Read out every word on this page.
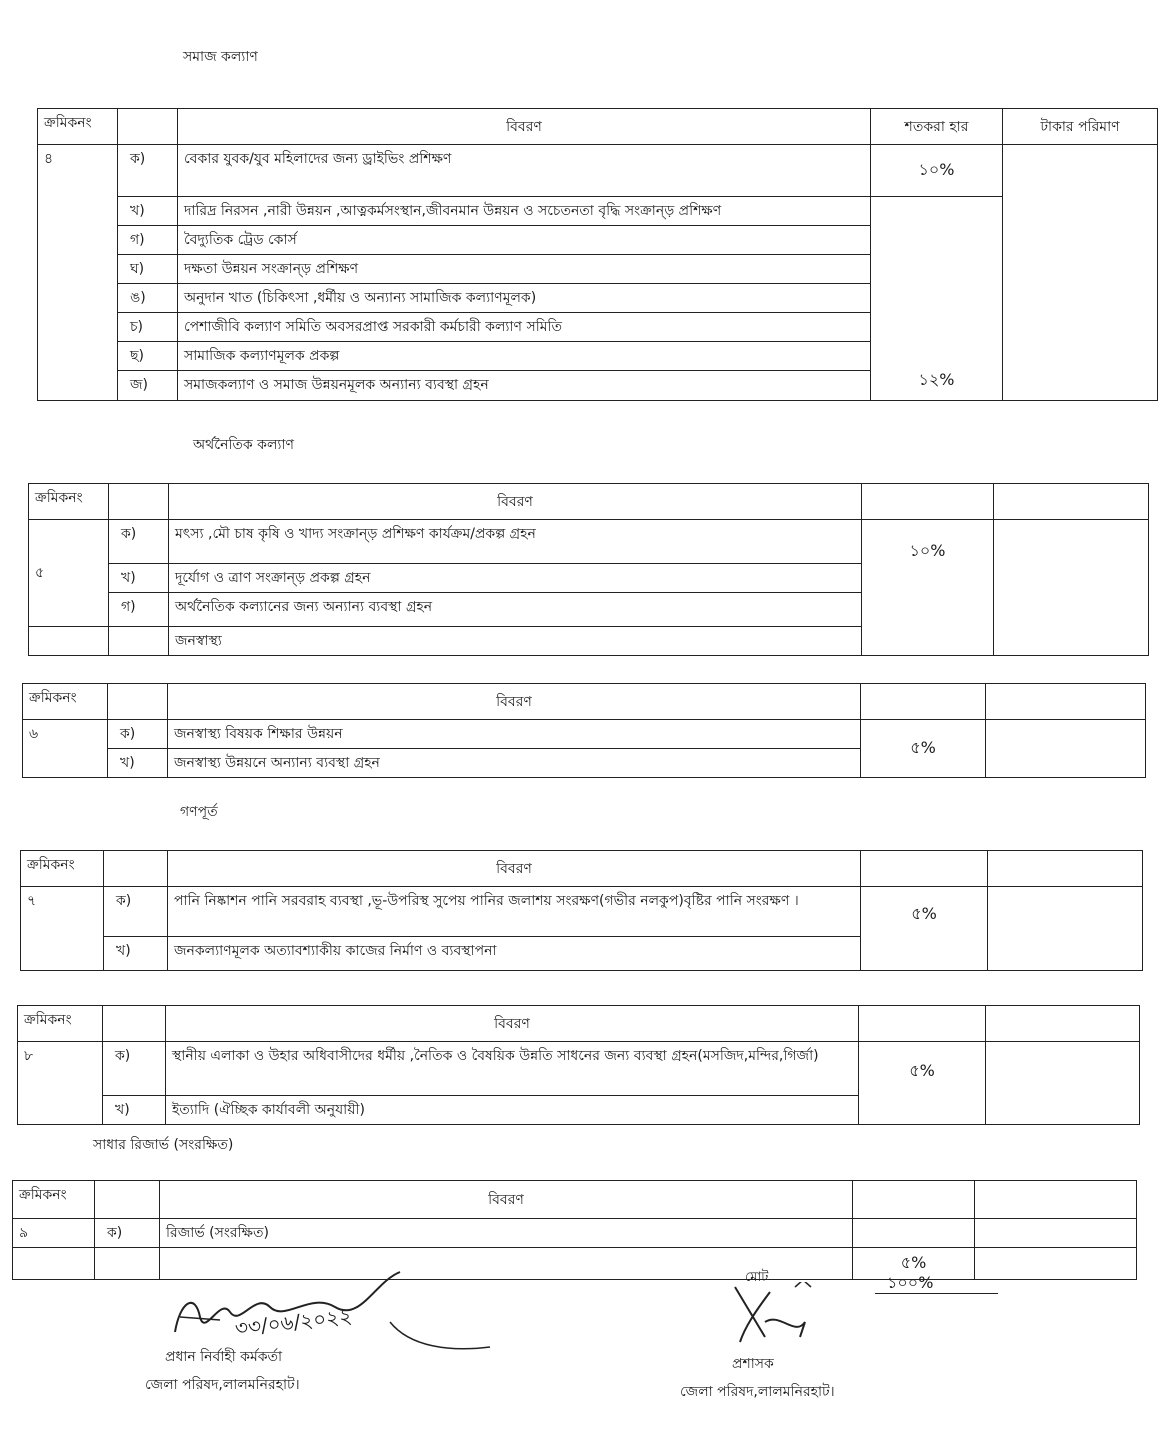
সমাজ কল্যাণ
ক্রমিকনং		বিবরণ	শতকরা হার	টাকার পরিমাণ
৪	ক)	বেকার যুবক/যুব মহিলাদের জন্য ড্রাইভিং প্রশিক্ষণ	১০%	
	খ)	দারিদ্র নিরসন ,নারী উন্নয়ন ,আত্নকর্মসংস্থান,জীবনমান উন্নয়ন ও সচেতনতা বৃদ্ধি সংক্রান্ড় প্রশিক্ষণ	১২%	
	গ)	বৈদ্যুতিক ট্রেড কোর্স		
	ঘ)	দক্ষতা উন্নয়ন সংক্রান্ড় প্রশিক্ষণ		
	ঙ)	অনুদান খাত (চিকিৎসা ,ধর্মীয় ও অন্যান্য সামাজিক কল্যাণমূলক)		
	চ)	পেশাজীবি কল্যাণ সমিতি অবসরপ্রাপ্ত সরকারী কর্মচারী কল্যাণ সমিতি		
	ছ)	সামাজিক কল্যাণমূলক প্রকল্প		
	জ)	সমাজকল্যাণ ও সমাজ উন্নয়নমূলক অন্যান্য ব্যবস্থা গ্রহন		
অর্থনৈতিক কল্যাণ
ক্রমিকনং		বিবরণ		
৫	ক)	মৎস্য ,মৌ চাষ কৃষি ও খাদ্য সংক্রান্ড় প্রশিক্ষণ কার্যক্রম/প্রকল্প গ্রহন	১০%	
	খ)	দূর্যোগ ও ত্রাণ সংক্রান্ড় প্রকল্প গ্রহন		
	গ)	অর্থনৈতিক কল্যানের জন্য অন্যান্য ব্যবস্থা গ্রহন		
		জনস্বাস্থ্য		
ক্রমিকনং		বিবরণ		
৬	ক)	জনস্বাস্থ্য বিষয়ক শিক্ষার উন্নয়ন	৫%	
	খ)	জনস্বাস্থ্য উন্নয়নে অন্যান্য ব্যবস্থা গ্রহন		
গণপূর্ত
ক্রমিকনং		বিবরণ		
৭	ক)	পানি নিষ্কাশন পানি সরবরাহ ব্যবস্থা ,ভূ-উপরিস্থ সুপেয় পানির জলাশয় সংরক্ষণ(গভীর নলকুপ)বৃষ্টির পানি সংরক্ষণ ।	৫%	
	খ)	জনকল্যাণমূলক অত্যাবশ্যাকীয় কাজের নির্মাণ ও ব্যবস্থাপনা		
ক্রমিকনং		বিবরণ		
৮	ক)	স্থানীয় এলাকা ও উহার অধিবাসীদের ধর্মীয় ,নৈতিক ও বৈষয়িক উন্নতি সাধনের জন্য ব্যবস্থা গ্রহন(মসজিদ,মন্দির,গির্জা)	৫%	
	খ)	ইত্যাদি (ঐচ্ছিক কার্যাবলী অনুযায়ী)		
সাধার রিজার্ভ (সংরক্ষিত)
ক্রমিকনং		বিবরণ		
৯	ক)	রিজার্ভ (সংরক্ষিত)		
			৫%	
মোট	১০০%
৩৩/০৬/২০২২
প্রধান নির্বাহী কর্মকর্তা
জেলা পরিষদ,লালমনিরহাট।
প্রশাসক
জেলা পরিষদ,লালমনিরহাট।
